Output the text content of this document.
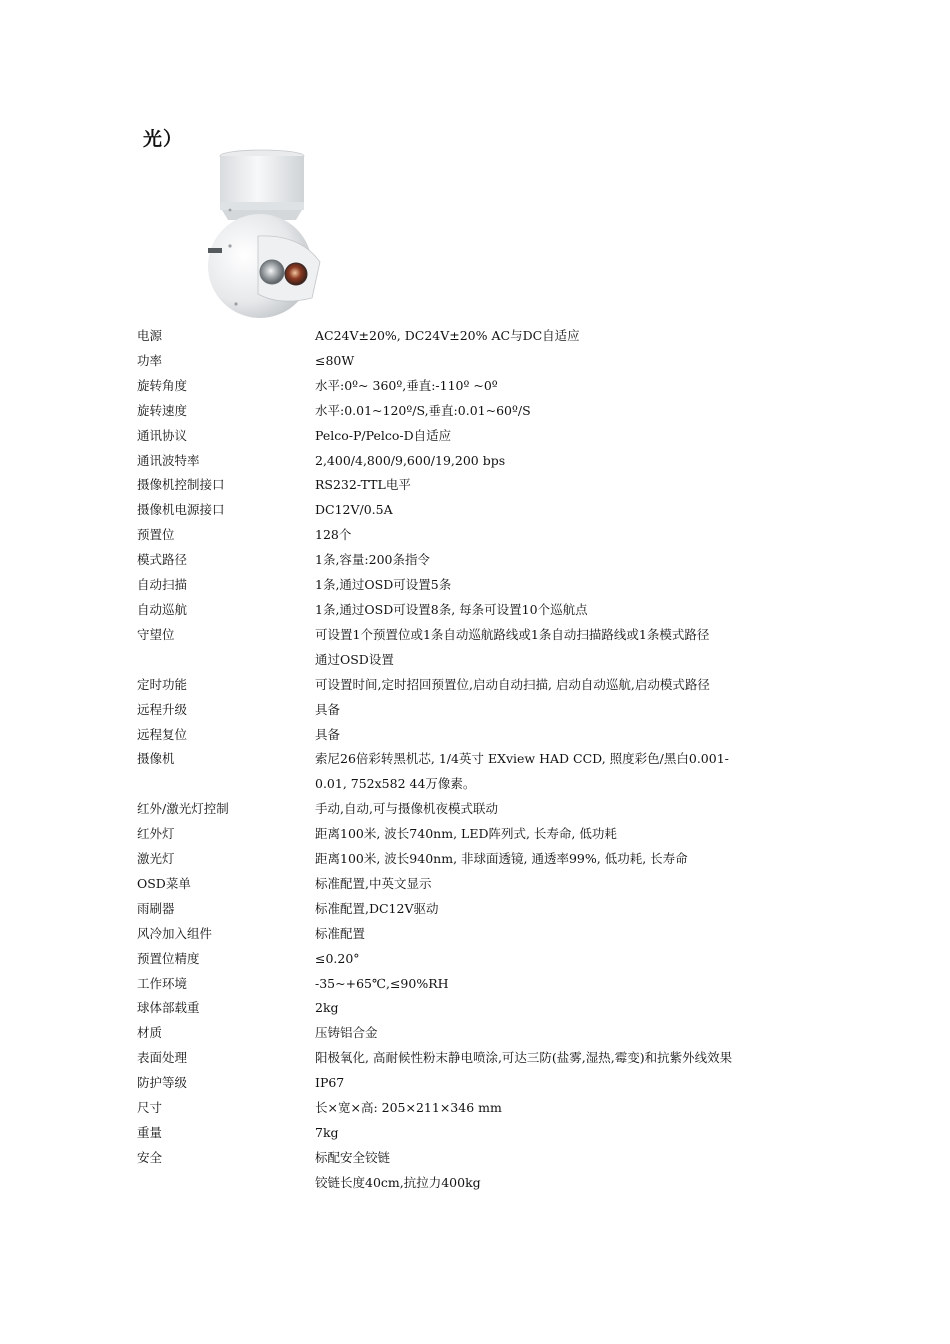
光）
电源	AC24V±20%, DC24V±20% AC与DC自适应
功率	≤80W
旋转角度	水平:0º~ 360º,垂直:-110º ~0º
旋转速度	水平:0.01~120º/S,垂直:0.01~60º/S
通讯协议	Pelco-P/Pelco-D自适应
通讯波特率	2,400/4,800/9,600/19,200 bps
摄像机控制接口	RS232-TTL电平
摄像机电源接口	DC12V/0.5A
预置位	128个
模式路径	1条,容量:200条指令
自动扫描	1条,通过OSD可设置5条
自动巡航	1条,通过OSD可设置8条, 每条可设置10个巡航点
守望位	可设置1个预置位或1条自动巡航路线或1条自动扫描路线或1条模式路径
通过OSD设置
定时功能	可设置时间,定时招回预置位,启动自动扫描, 启动自动巡航,启动模式路径
远程升级	具备
远程复位	具备
摄像机	索尼26倍彩转黑机芯, 1/4英寸 EXview HAD CCD, 照度彩色/黑白0.001-
0.01, 752x582 44万像素。
红外/激光灯控制	手动,自动,可与摄像机夜模式联动
红外灯	距离100米, 波长740nm, LED阵列式, 长寿命, 低功耗
激光灯	距离100米, 波长940nm, 非球面透镜, 通透率99%, 低功耗, 长寿命
OSD菜单	标准配置,中英文显示
雨刷器	标准配置,DC12V驱动
风冷加入组件	标准配置
预置位精度	≤0.20°
工作环境	-35~+65℃,≤90%RH
球体部载重	2kg
材质	压铸铝合金
表面处理	阳极氧化, 高耐候性粉末静电喷涂,可达三防(盐雾,湿热,霉变)和抗紫外线效果
防护等级	IP67
尺寸	长×宽×高: 205×211×346 mm
重量	7kg
安全	标配安全铰链
铰链长度40cm,抗拉力400kg
